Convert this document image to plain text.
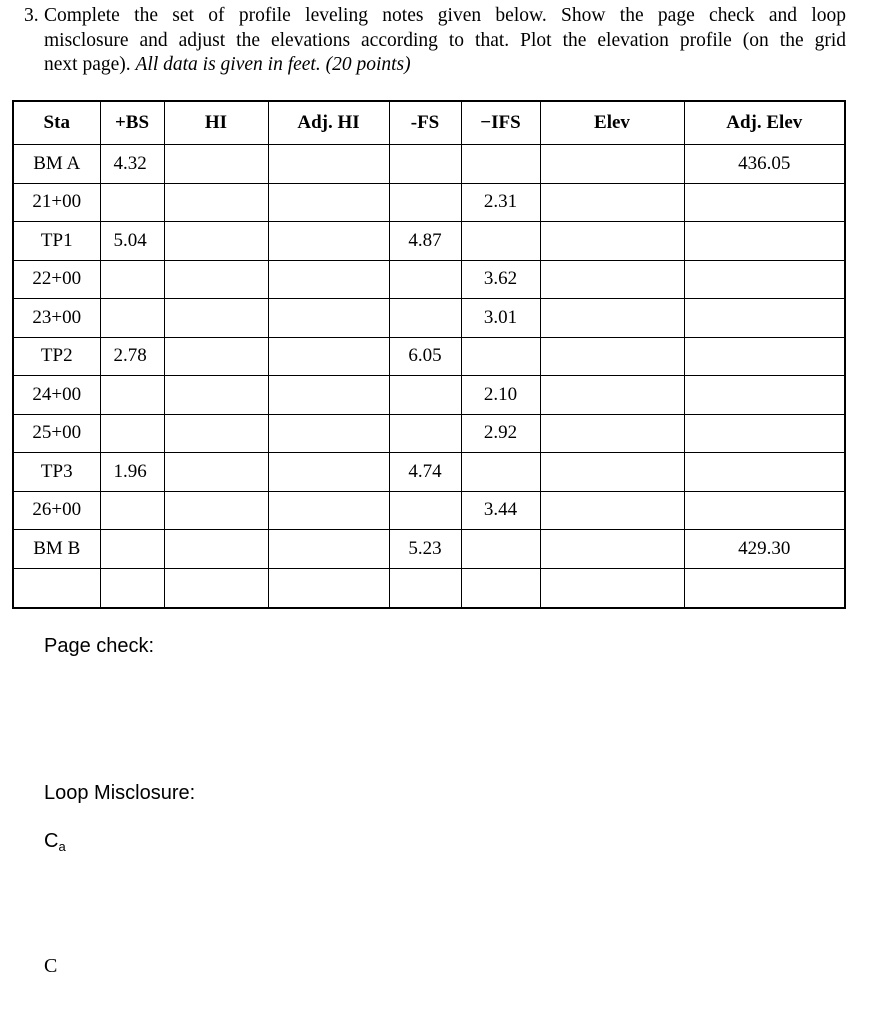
3. Complete the set of profile leveling notes given below. Show the page check and loop
misclosure and adjust the elevations according to that. Plot the elevation profile (on the grid
next page). All data is given in feet. (20 points)
Sta	+BS	HI	Adj. HI	-FS	−IFS	Elev	Adj. Elev
BM A	4.32						436.05
21+00					2.31		
TP1	5.04			4.87			
22+00					3.62		
23+00					3.01		
TP2	2.78			6.05			
24+00					2.10		
25+00					2.92		
TP3	1.96			4.74			
26+00					3.44		
BM B				5.23			429.30

Page check:
Loop Misclosure:
$C_a$
C
